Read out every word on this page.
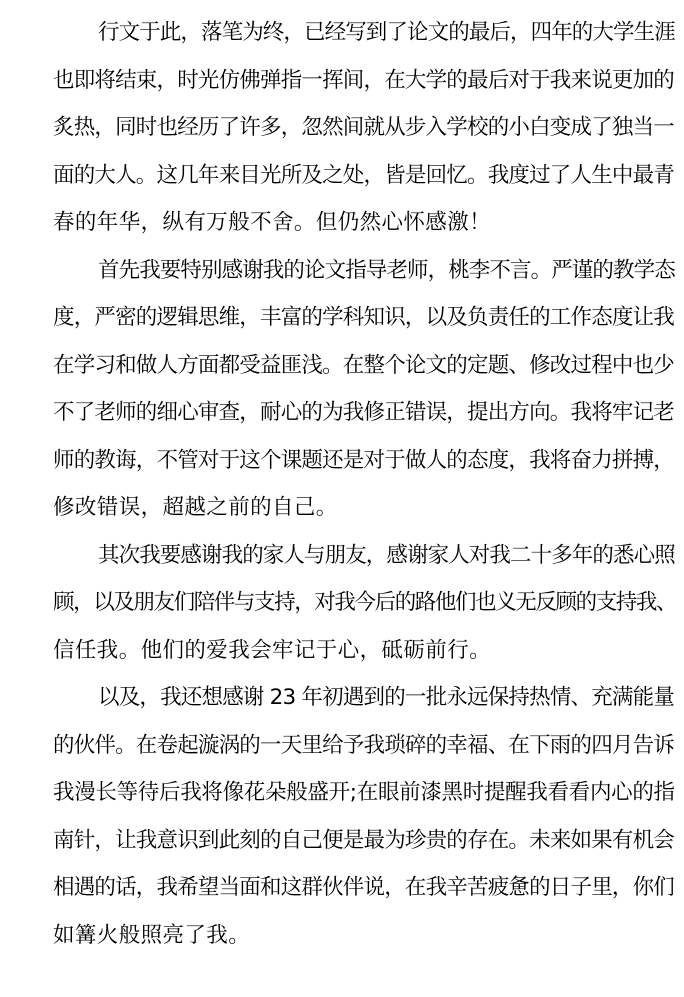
行文于此，落笔为终，已经写到了论文的最后，四年的大学生涯
也即将结束，时光仿佛弹指一挥间，在大学的最后对于我来说更加的
炙热，同时也经历了许多，忽然间就从步入学校的小白变成了独当一
面的大人。这几年来目光所及之处，皆是回忆。我度过了人生中最青
春的年华，纵有万般不舍。但仍然心怀感激！
首先我要特别感谢我的论文指导老师，桃李不言。严谨的教学态
度，严密的逻辑思维，丰富的学科知识，以及负责任的工作态度让我
在学习和做人方面都受益匪浅。在整个论文的定题、修改过程中也少
不了老师的细心审查，耐心的为我修正错误，提出方向。我将牢记老
师的教诲，不管对于这个课题还是对于做人的态度，我将奋力拼搏，
修改错误，超越之前的自己。
其次我要感谢我的家人与朋友，感谢家人对我二十多年的悉心照
顾，以及朋友们陪伴与支持，对我今后的路他们也义无反顾的支持我、
信任我。他们的爱我会牢记于心，砥砺前行。
以及，我还想感谢 23 年初遇到的一批永远保持热情、充满能量
的伙伴。在卷起漩涡的一天里给予我琐碎的幸福、在下雨的四月告诉
我漫长等待后我将像花朵般盛开;在眼前漆黑时提醒我看看内心的指
南针，让我意识到此刻的自己便是最为珍贵的存在。未来如果有机会
相遇的话，我希望当面和这群伙伴说，在我辛苦疲惫的日子里，你们
如篝火般照亮了我。
